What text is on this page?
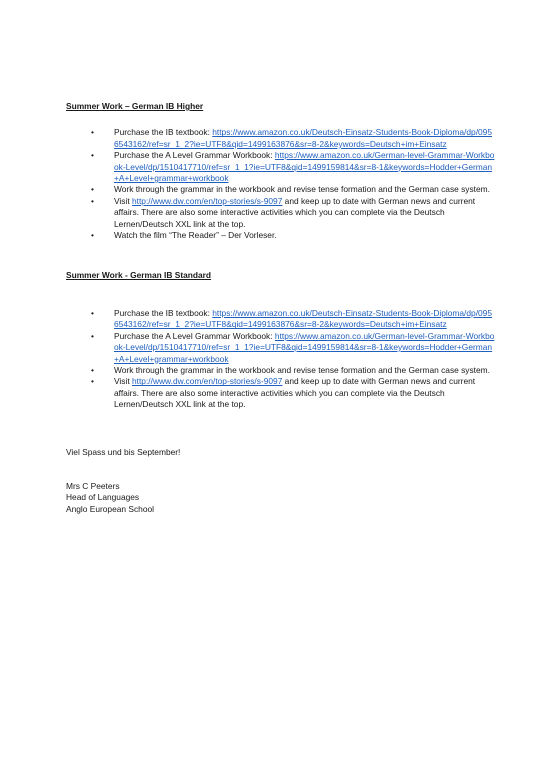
Summer Work – German IB Higher

• Purchase the IB textbook: https://www.amazon.co.uk/Deutsch-Einsatz-Students-Book-Diploma/dp/0956543162/ref=sr_1_2?ie=UTF8&qid=1499163876&sr=8-2&keywords=Deutsch+im+Einsatz
• Purchase the A Level Grammar Workbook: https://www.amazon.co.uk/German-level-Grammar-Workbook-Level/dp/1510417710/ref=sr_1_1?ie=UTF8&qid=1499159814&sr=8-1&keywords=Hodder+German+A+Level+grammar+workbook
• Work through the grammar in the workbook and revise tense formation and the German case system.
• Visit http://www.dw.com/en/top-stories/s-9097 and keep up to date with German news and current affairs. There are also some interactive activities which you can complete via the Deutsch Lernen/Deutsch XXL link at the top.
• Watch the film “The Reader” – Der Vorleser.

Summer Work - German IB Standard

• Purchase the IB textbook: https://www.amazon.co.uk/Deutsch-Einsatz-Students-Book-Diploma/dp/0956543162/ref=sr_1_2?ie=UTF8&qid=1499163876&sr=8-2&keywords=Deutsch+im+Einsatz
• Purchase the A Level Grammar Workbook: https://www.amazon.co.uk/German-level-Grammar-Workbook-Level/dp/1510417710/ref=sr_1_1?ie=UTF8&qid=1499159814&sr=8-1&keywords=Hodder+German+A+Level+grammar+workbook
• Work through the grammar in the workbook and revise tense formation and the German case system.
• Visit http://www.dw.com/en/top-stories/s-9097 and keep up to date with German news and current affairs. There are also some interactive activities which you can complete via the Deutsch Lernen/Deutsch XXL link at the top.
Viel Spass und bis September!
Mrs C Peeters
Head of Languages
Anglo European School
